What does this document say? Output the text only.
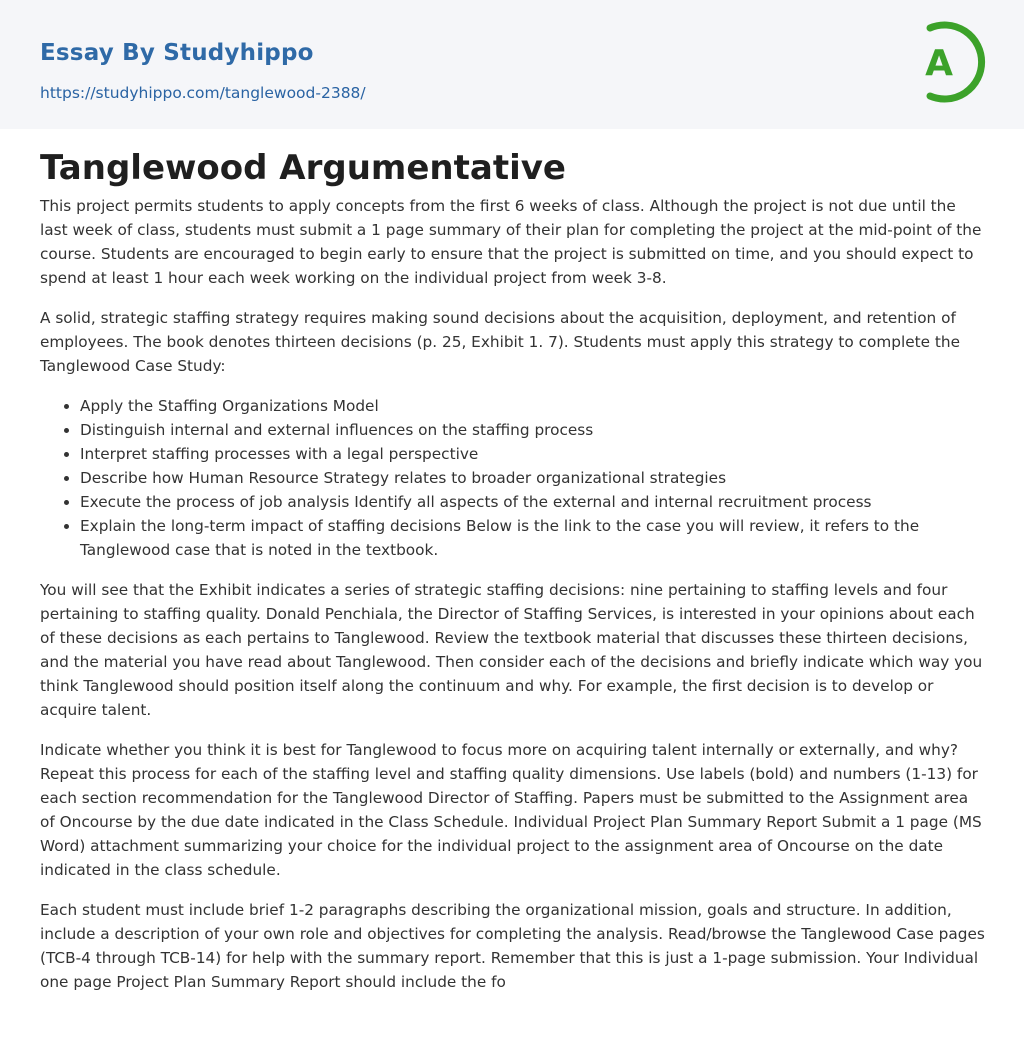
Essay By Studyhippo
https://studyhippo.com/tanglewood-2388/
A
Tanglewood Argumentative

This project permits students to apply concepts from the first 6 weeks of class. Although the project is not due until the last week of class, students must submit a 1 page summary of their plan for completing the project at the mid-point of the course. Students are encouraged to begin early to ensure that the project is submitted on time, and you should expect to spend at least 1 hour each week working on the individual project from week 3-8.

A solid, strategic staffing strategy requires making sound decisions about the acquisition, deployment, and retention of employees. The book denotes thirteen decisions (p. 25, Exhibit 1. 7). Students must apply this strategy to complete the Tanglewood Case Study:

• Apply the Staffing Organizations Model
• Distinguish internal and external influences on the staffing process
• Interpret staffing processes with a legal perspective
• Describe how Human Resource Strategy relates to broader organizational strategies
• Execute the process of job analysis Identify all aspects of the external and internal recruitment process
• Explain the long-term impact of staffing decisions Below is the link to the case you will review, it refers to the Tanglewood case that is noted in the textbook.

You will see that the Exhibit indicates a series of strategic staffing decisions: nine pertaining to staffing levels and four pertaining to staffing quality. Donald Penchiala, the Director of Staffing Services, is interested in your opinions about each of these decisions as each pertains to Tanglewood. Review the textbook material that discusses these thirteen decisions, and the material you have read about Tanglewood. Then consider each of the decisions and briefly indicate which way you think Tanglewood should position itself along the continuum and why. For example, the first decision is to develop or acquire talent.

Indicate whether you think it is best for Tanglewood to focus more on acquiring talent internally or externally, and why? Repeat this process for each of the staffing level and staffing quality dimensions. Use labels (bold) and numbers (1-13) for each section recommendation for the Tanglewood Director of Staffing. Papers must be submitted to the Assignment area of Oncourse by the due date indicated in the Class Schedule. Individual Project Plan Summary Report Submit a 1 page (MS Word) attachment summarizing your choice for the individual project to the assignment area of Oncourse on the date indicated in the class schedule.

Each student must include brief 1-2 paragraphs describing the organizational mission, goals and structure. In addition, include a description of your own role and objectives for completing the analysis. Read/browse the Tanglewood Case pages (TCB-4 through TCB-14) for help with the summary report. Remember that this is just a 1-page submission. Your Individual one page Project Plan Summary Report should include the fo
